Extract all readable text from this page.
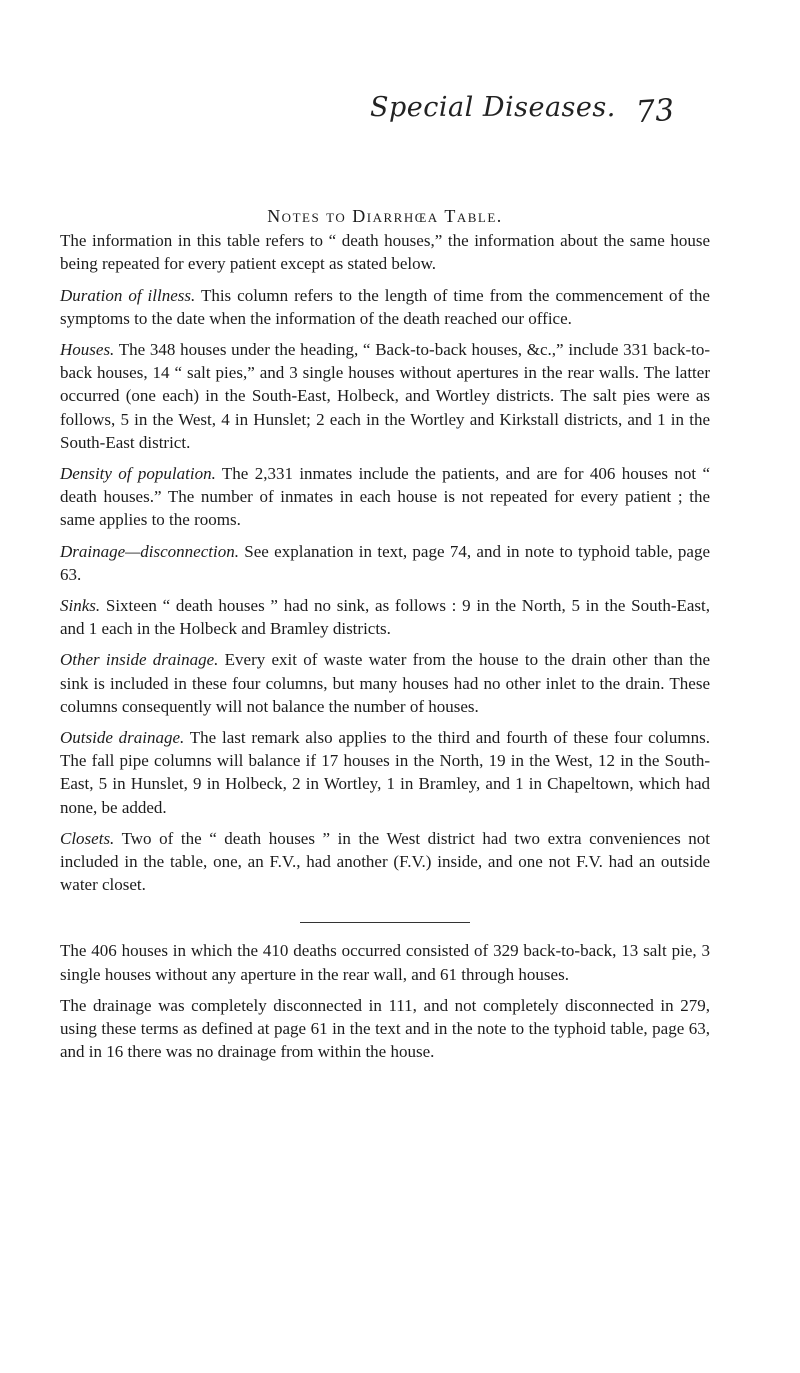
Special Diseases. 73
Notes to Diarrhœa Table.

The information in this table refers to “ death houses,” the information about the same house being repeated for every patient except as stated below.

Duration of illness. This column refers to the length of time from the commencement of the symptoms to the date when the information of the death reached our office.

Houses. The 348 houses under the heading, “ Back-to-back houses, &c.,” include 331 back-to-back houses, 14 “ salt pies,” and 3 single houses without apertures in the rear walls. The latter occurred (one each) in the South-East, Holbeck, and Wortley districts. The salt pies were as follows, 5 in the West, 4 in Hunslet; 2 each in the Wortley and Kirkstall districts, and 1 in the South-East district.

Density of population. The 2,331 inmates include the patients, and are for 406 houses not “ death houses.” The number of inmates in each house is not repeated for every patient ; the same applies to the rooms.

Drainage—disconnection. See explanation in text, page 74, and in note to typhoid table, page 63.

Sinks. Sixteen “ death houses ” had no sink, as follows : 9 in the North, 5 in the South-East, and 1 each in the Holbeck and Bramley districts.

Other inside drainage. Every exit of waste water from the house to the drain other than the sink is included in these four columns, but many houses had no other inlet to the drain. These columns consequently will not balance the number of houses.

Outside drainage. The last remark also applies to the third and fourth of these four columns. The fall pipe columns will balance if 17 houses in the North, 19 in the West, 12 in the South-East, 5 in Hunslet, 9 in Holbeck, 2 in Wortley, 1 in Bramley, and 1 in Chapeltown, which had none, be added.

Closets. Two of the “ death houses ” in the West district had two extra conveniences not included in the table, one, an F.V., had another (F.V.) inside, and one not F.V. had an outside water closet.

The 406 houses in which the 410 deaths occurred consisted of 329 back-to-back, 13 salt pie, 3 single houses without any aperture in the rear wall, and 61 through houses.

The drainage was completely disconnected in 111, and not completely disconnected in 279, using these terms as defined at page 61 in the text and in the note to the typhoid table, page 63, and in 16 there was no drainage from within the house.
